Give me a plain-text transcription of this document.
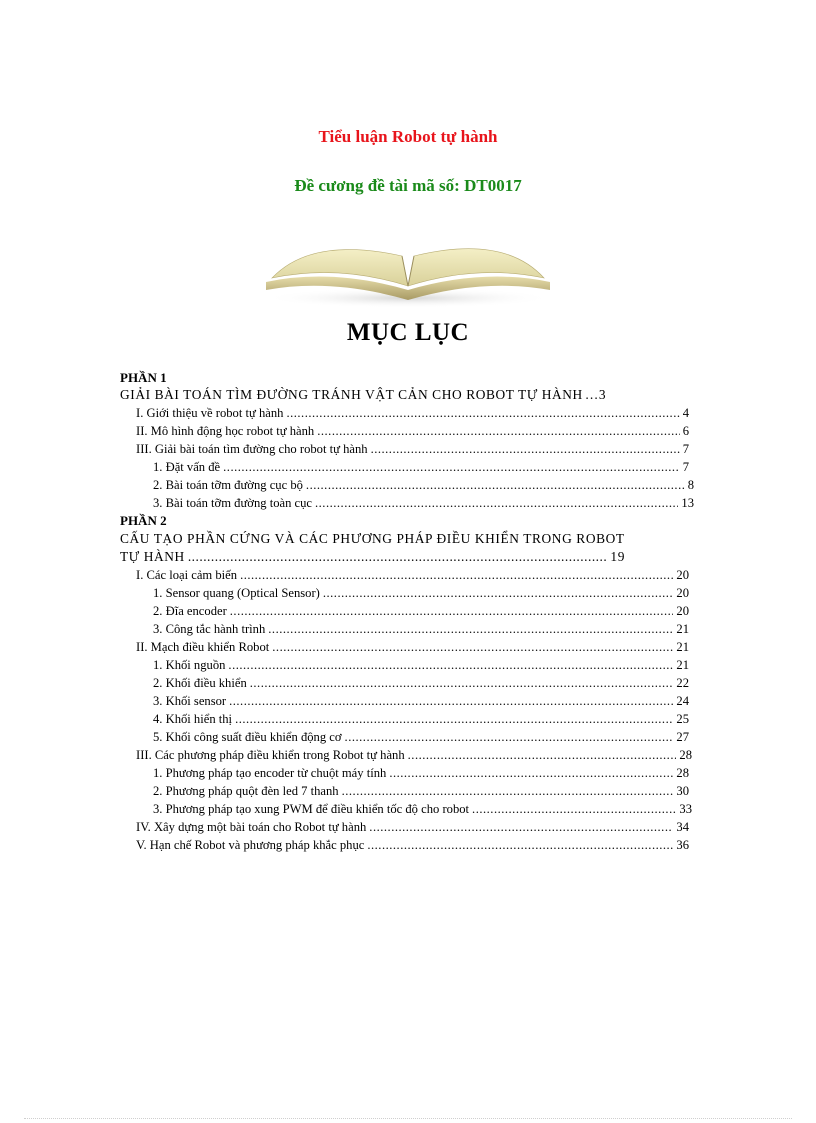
Tiểu luận Robot tự hành
Đề cương đề tài mã số: DT0017
MỤC LỤC
PHẦN 1
GIẢI BÀI TOÁN TÌM ĐƯỜNG TRÁNH VẬT CẢN CHO ROBOT TỰ HÀNH … 3
I. Giới thiệu về robot tự hành .....	4
II. Mô hình động học robot tự hành .....	6
III. Giải bài toán tìm đường cho robot tự hành .....	7
1. Đặt vấn đề .....	7
2. Bài toán tỡm đường cục bộ .....	8
3. Bài toán tỡm đường toàn cục .....	13
PHẦN 2
CẤU TẠO PHẦN CỨNG VÀ CÁC PHƯƠNG PHÁP ĐIỀU KHIỂN TRONG ROBOT
TỰ HÀNH .....	19
I. Các loại cảm biến .....	20
1. Sensor quang (Optical Sensor) .....	20
2. Đĩa encoder .....	20
3. Công tắc hành trình .....	21
II. Mạch điều khiển Robot .....	21
1. Khối nguồn .....	21
2. Khối điều khiển .....	22
3. Khối sensor .....	24
4. Khối hiển thị .....	25
5. Khối công suất điều khiển động cơ .....	27
III. Các phương pháp điều khiển trong Robot tự hành .....	28
1. Phương pháp tạo encoder từ chuột máy tính .....	28
2. Phương pháp quột đèn led 7 thanh .....	30
3. Phương pháp tạo xung PWM để điều khiển tốc độ cho robot .....	33
IV. Xây dựng một bài toán cho Robot tự hành .....	34
V. Hạn chế Robot và phương pháp khắc phục .....	36
